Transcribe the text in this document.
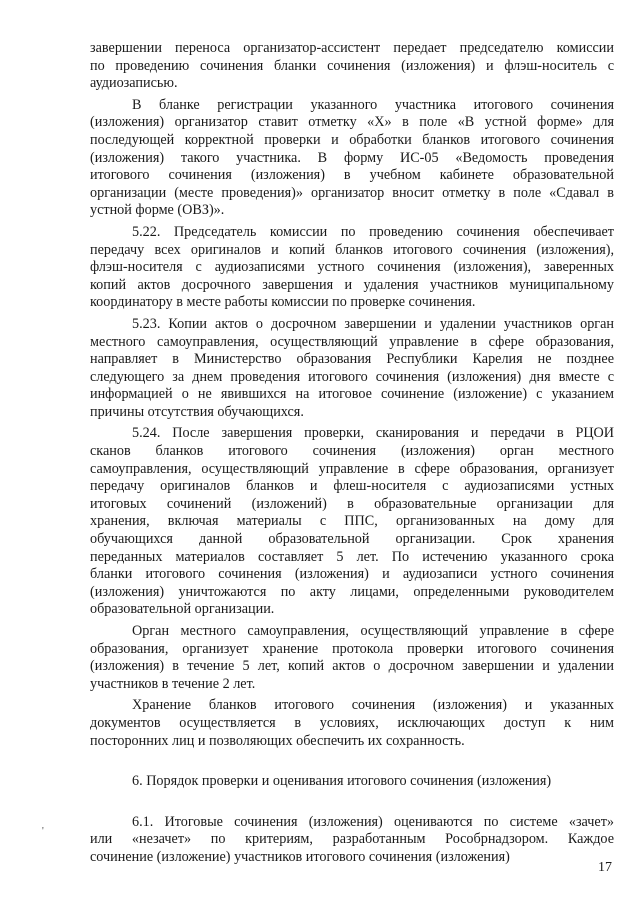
завершении переноса организатор-ассистент передает председателю комиссии
по проведению сочинения бланки сочинения (изложения) и флэш-носитель с
аудиозаписью.

В бланке регистрации указанного участника итогового сочинения
(изложения) организатор ставит отметку «Х» в поле «В устной форме» для
последующей корректной проверки и обработки бланков итогового сочинения
(изложения) такого участника. В форму ИС-05 «Ведомость проведения
итогового сочинения (изложения) в учебном кабинете образовательной
организации (месте проведения)» организатор вносит отметку в поле «Сдавал в
устной форме (ОВЗ)».

5.22. Председатель комиссии по проведению сочинения обеспечивает
передачу всех оригиналов и копий бланков итогового сочинения (изложения),
флэш-носителя с аудиозаписями устного сочинения (изложения), заверенных
копий актов досрочного завершения и удаления участников муниципальному
координатору в месте работы комиссии по проверке сочинения.

5.23. Копии актов о досрочном завершении и удалении участников орган
местного самоуправления, осуществляющий управление в сфере образования,
направляет в Министерство образования Республики Карелия не позднее
следующего за днем проведения итогового сочинения (изложения) дня вместе с
информацией о не явившихся на итоговое сочинение (изложение) с указанием
причины отсутствия обучающихся.

5.24. После завершения проверки, сканирования и передачи в РЦОИ
сканов бланков итогового сочинения (изложения) орган местного
самоуправления, осуществляющий управление в сфере образования, организует
передачу оригиналов бланков и флеш-носителя с аудиозаписями устных
итоговых сочинений (изложений) в образовательные организации для
хранения, включая материалы с ППС, организованных на дому для
обучающихся данной образовательной организации. Срок хранения
переданных материалов составляет 5 лет. По истечению указанного срока
бланки итогового сочинения (изложения) и аудиозаписи устного сочинения
(изложения) уничтожаются по акту лицами, определенными руководителем
образовательной организации.

Орган местного самоуправления, осуществляющий управление в сфере
образования, организует хранение протокола проверки итогового сочинения
(изложения) в течение 5 лет, копий актов о досрочном завершении и удалении
участников в течение 2 лет.

Хранение бланков итогового сочинения (изложения) и указанных
документов осуществляется в условиях, исключающих доступ к ним
посторонних лиц и позволяющих обеспечить их сохранность.

6. Порядок проверки и оценивания итогового сочинения (изложения)

6.1. Итоговые сочинения (изложения) оцениваются по системе «зачет»
или «незачет» по критериям, разработанным Рособрнадзором. Каждое
сочинение (изложение) участников итогового сочинения (изложения)

'
17
